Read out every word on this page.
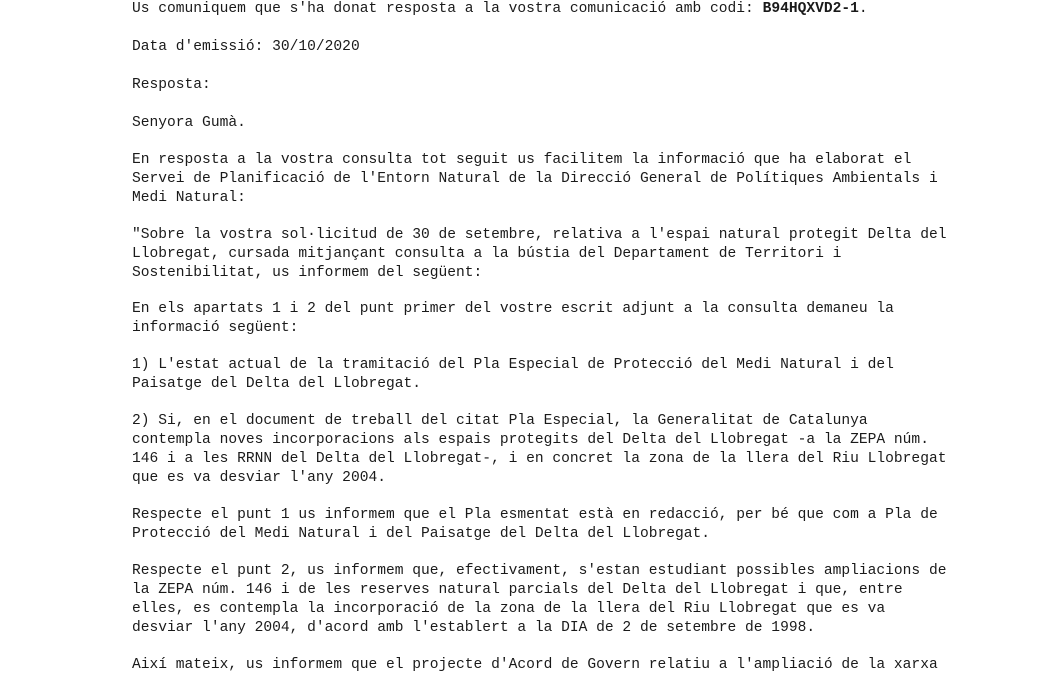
Us comuniquem que s'ha donat resposta a la vostra comunicació amb codi: B94HQXVD2-1.

Data d'emissió: 30/10/2020

Resposta:

Senyora Gumà.

En resposta a la vostra consulta tot seguit us facilitem la informació que ha elaborat el
Servei de Planificació de l'Entorn Natural de la Direcció General de Polítiques Ambientals i
Medi Natural:

"Sobre la vostra sol·licitud de 30 de setembre, relativa a l'espai natural protegit Delta del
Llobregat, cursada mitjançant consulta a la bústia del Departament de Territori i
Sostenibilitat, us informem del següent:

En els apartats 1 i 2 del punt primer del vostre escrit adjunt a la consulta demaneu la
informació següent:

1) L'estat actual de la tramitació del Pla Especial de Protecció del Medi Natural i del
Paisatge del Delta del Llobregat.

2) Si, en el document de treball del citat Pla Especial, la Generalitat de Catalunya
contempla noves incorporacions als espais protegits del Delta del Llobregat -a la ZEPA núm.
146 i a les RRNN del Delta del Llobregat-, i en concret la zona de la llera del Riu Llobregat
que es va desviar l'any 2004.

Respecte el punt 1 us informem que el Pla esmentat està en redacció, per bé que com a Pla de
Protecció del Medi Natural i del Paisatge del Delta del Llobregat.

Respecte el punt 2, us informem que, efectivament, s'estan estudiant possibles ampliacions de
la ZEPA núm. 146 i de les reserves natural parcials del Delta del Llobregat i que, entre
elles, es contempla la incorporació de la zona de la llera del Riu Llobregat que es va
desviar l'any 2004, d'acord amb l'establert a la DIA de 2 de setembre de 1998.

Així mateix, us informem que el projecte d'Acord de Govern relatiu a l'ampliació de la xarxa
